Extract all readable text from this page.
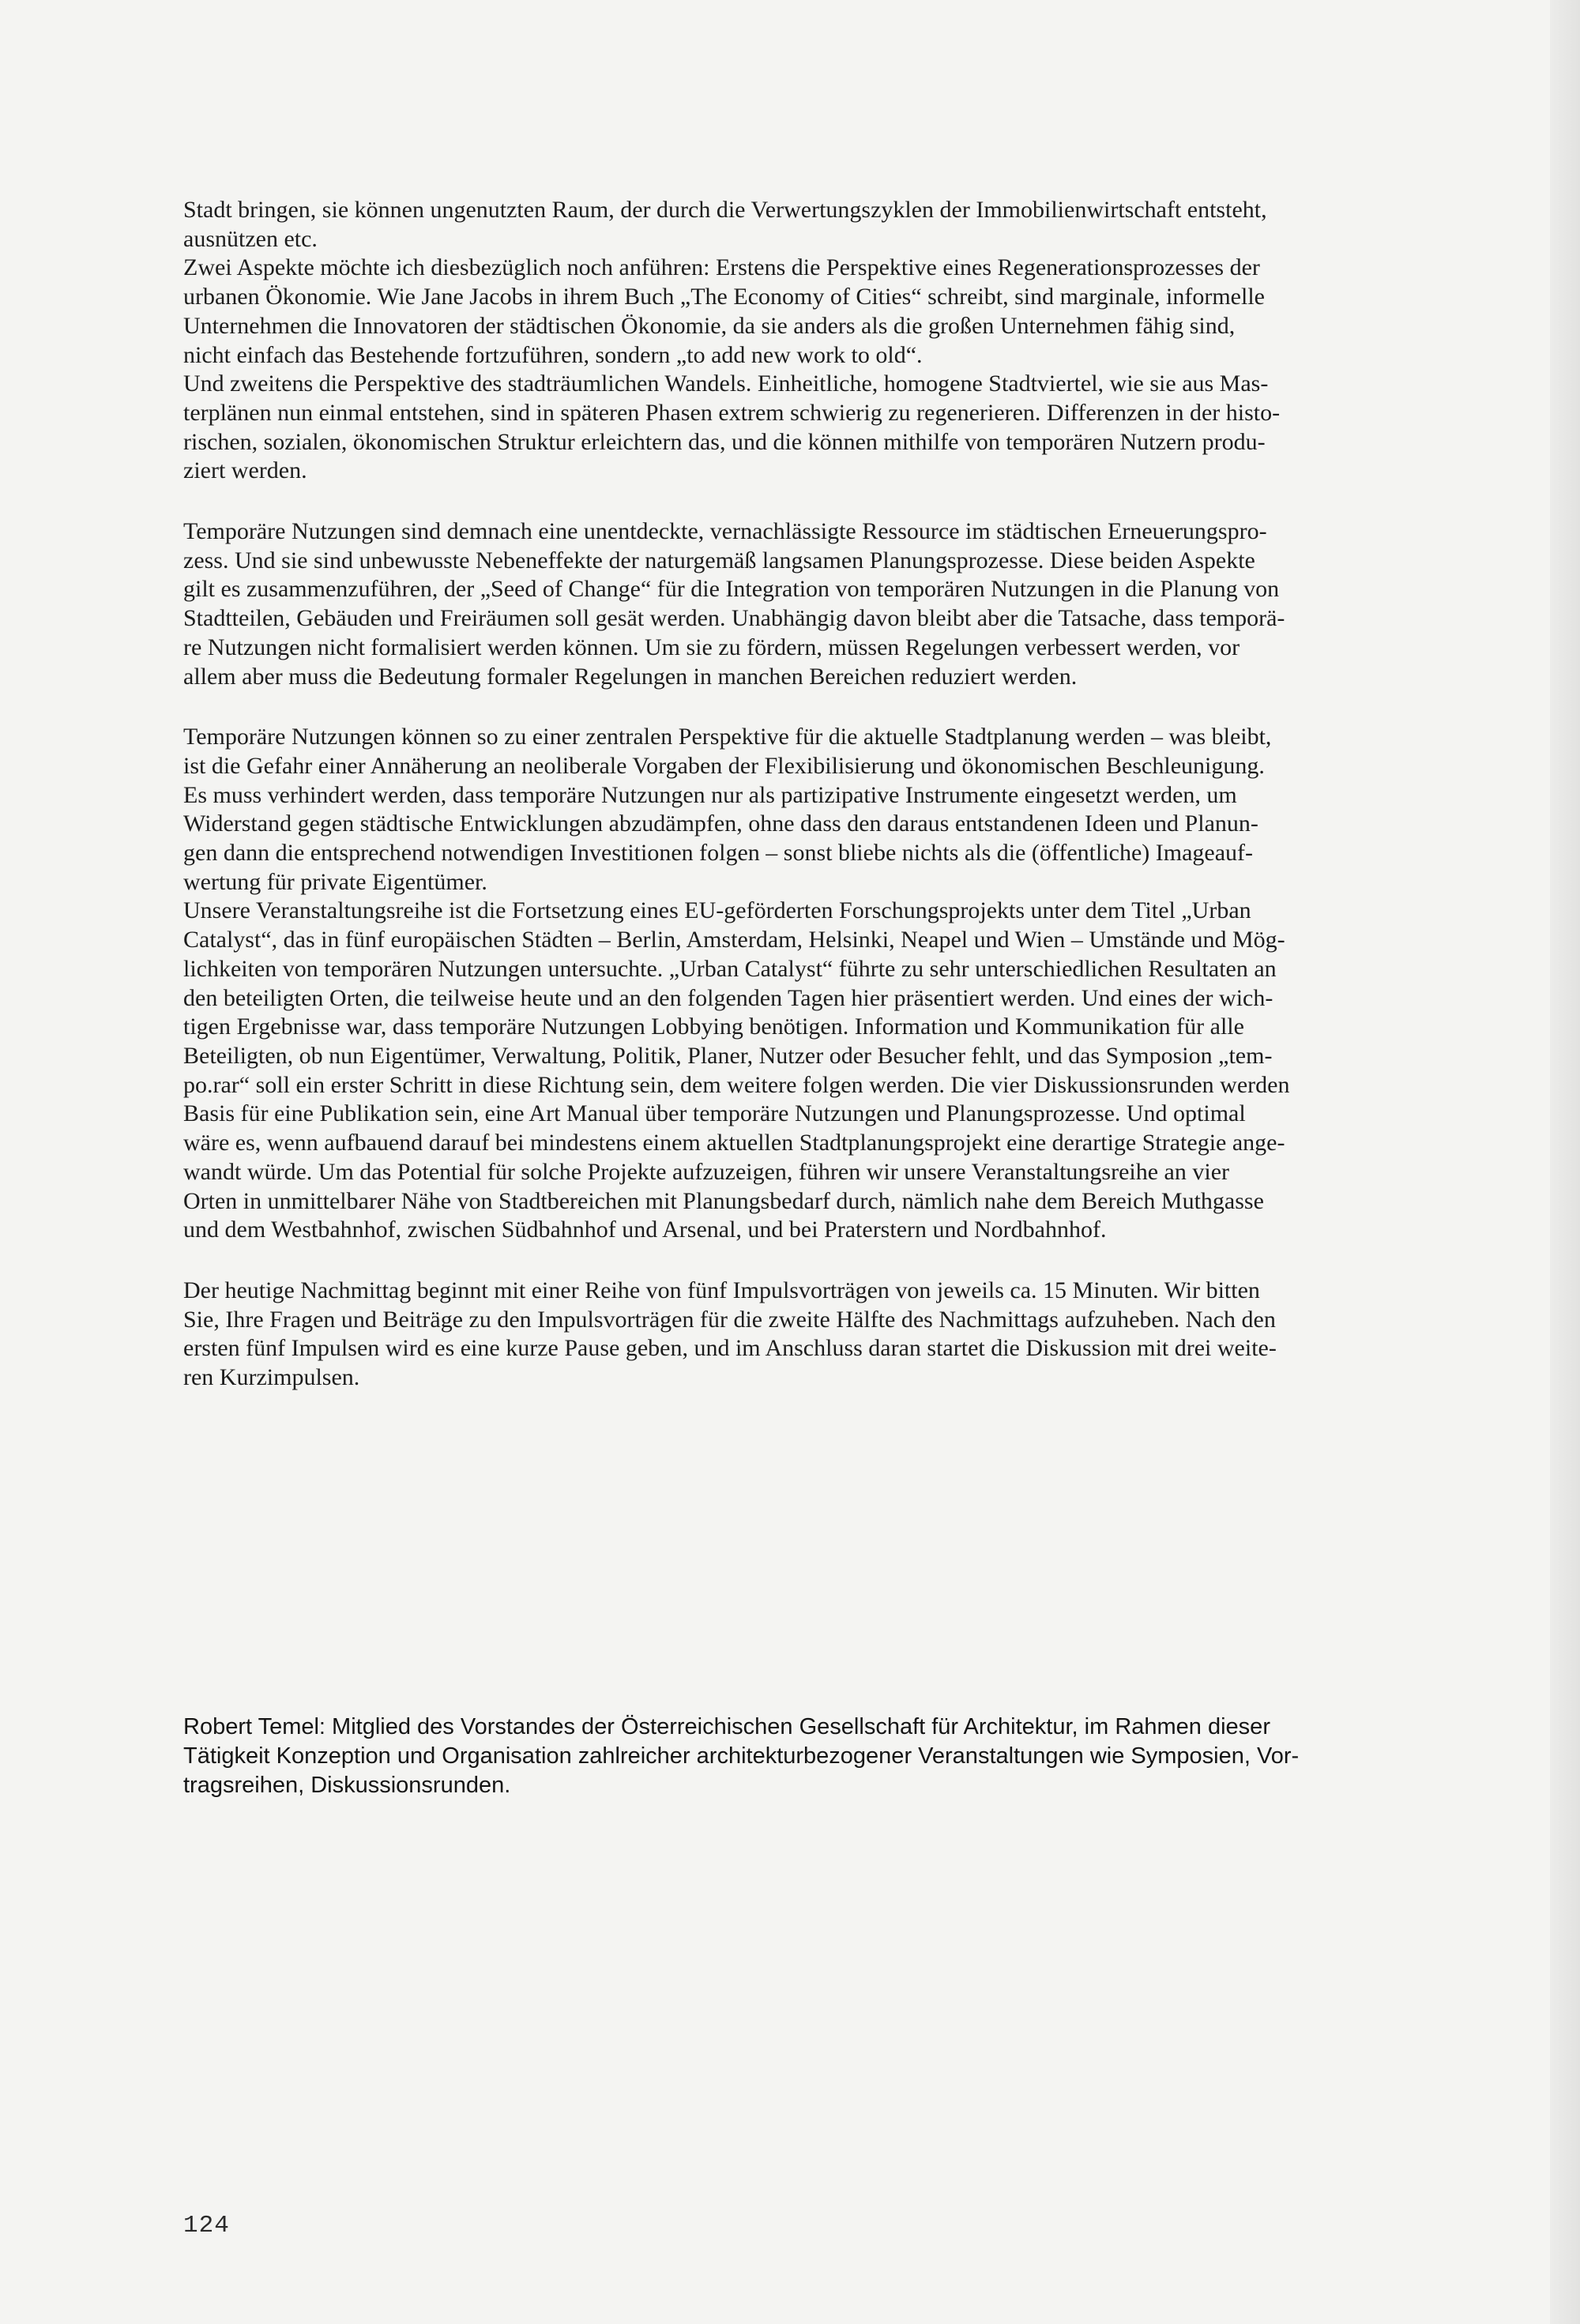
Stadt bringen, sie können ungenutzten Raum, der durch die Verwertungszyklen der Immobilienwirtschaft entsteht,
ausnützen etc.
Zwei Aspekte möchte ich diesbezüglich noch anführen: Erstens die Perspektive eines Regenerationsprozesses der
urbanen Ökonomie. Wie Jane Jacobs in ihrem Buch „The Economy of Cities“ schreibt, sind marginale, informelle
Unternehmen die Innovatoren der städtischen Ökonomie, da sie anders als die großen Unternehmen fähig sind,
nicht einfach das Bestehende fortzuführen, sondern „to add new work to old“.
Und zweitens die Perspektive des stadträumlichen Wandels. Einheitliche, homogene Stadtviertel, wie sie aus Mas-
terplänen nun einmal entstehen, sind in späteren Phasen extrem schwierig zu regenerieren. Differenzen in der histo-
rischen, sozialen, ökonomischen Struktur erleichtern das, und die können mithilfe von temporären Nutzern produ-
ziert werden.

Temporäre Nutzungen sind demnach eine unentdeckte, vernachlässigte Ressource im städtischen Erneuerungspro-
zess. Und sie sind unbewusste Nebeneffekte der naturgemäß langsamen Planungsprozesse. Diese beiden Aspekte
gilt es zusammenzuführen, der „Seed of Change“ für die Integration von temporären Nutzungen in die Planung von
Stadtteilen, Gebäuden und Freiräumen soll gesät werden. Unabhängig davon bleibt aber die Tatsache, dass temporä-
re Nutzungen nicht formalisiert werden können. Um sie zu fördern, müssen Regelungen verbessert werden, vor
allem aber muss die Bedeutung formaler Regelungen in manchen Bereichen reduziert werden.

Temporäre Nutzungen können so zu einer zentralen Perspektive für die aktuelle Stadtplanung werden – was bleibt,
ist die Gefahr einer Annäherung an neoliberale Vorgaben der Flexibilisierung und ökonomischen Beschleunigung.
Es muss verhindert werden, dass temporäre Nutzungen nur als partizipative Instrumente eingesetzt werden, um
Widerstand gegen städtische Entwicklungen abzudämpfen, ohne dass den daraus entstandenen Ideen und Planun-
gen dann die entsprechend notwendigen Investitionen folgen – sonst bliebe nichts als die (öffentliche) Imageauf-
wertung für private Eigentümer.
Unsere Veranstaltungsreihe ist die Fortsetzung eines EU-geförderten Forschungsprojekts unter dem Titel „Urban
Catalyst“, das in fünf europäischen Städten – Berlin, Amsterdam, Helsinki, Neapel und Wien – Umstände und Mög-
lichkeiten von temporären Nutzungen untersuchte. „Urban Catalyst“ führte zu sehr unterschiedlichen Resultaten an
den beteiligten Orten, die teilweise heute und an den folgenden Tagen hier präsentiert werden. Und eines der wich-
tigen Ergebnisse war, dass temporäre Nutzungen Lobbying benötigen. Information und Kommunikation für alle
Beteiligten, ob nun Eigentümer, Verwaltung, Politik, Planer, Nutzer oder Besucher fehlt, und das Symposion „tem-
po.rar“ soll ein erster Schritt in diese Richtung sein, dem weitere folgen werden. Die vier Diskussionsrunden werden
Basis für eine Publikation sein, eine Art Manual über temporäre Nutzungen und Planungsprozesse. Und optimal
wäre es, wenn aufbauend darauf bei mindestens einem aktuellen Stadtplanungsprojekt eine derartige Strategie ange-
wandt würde. Um das Potential für solche Projekte aufzuzeigen, führen wir unsere Veranstaltungsreihe an vier
Orten in unmittelbarer Nähe von Stadtbereichen mit Planungsbedarf durch, nämlich nahe dem Bereich Muthgasse
und dem Westbahnhof, zwischen Südbahnhof und Arsenal, und bei Praterstern und Nordbahnhof.

Der heutige Nachmittag beginnt mit einer Reihe von fünf Impulsvorträgen von jeweils ca. 15 Minuten. Wir bitten
Sie, Ihre Fragen und Beiträge zu den Impulsvorträgen für die zweite Hälfte des Nachmittags aufzuheben. Nach den
ersten fünf Impulsen wird es eine kurze Pause geben, und im Anschluss daran startet die Diskussion mit drei weite-
ren Kurzimpulsen.

Robert Temel: Mitglied des Vorstandes der Österreichischen Gesellschaft für Architektur, im Rahmen dieser
Tätigkeit Konzeption und Organisation zahlreicher architekturbezogener Veranstaltungen wie Symposien, Vor-
tragsreihen, Diskussionsrunden.

124
